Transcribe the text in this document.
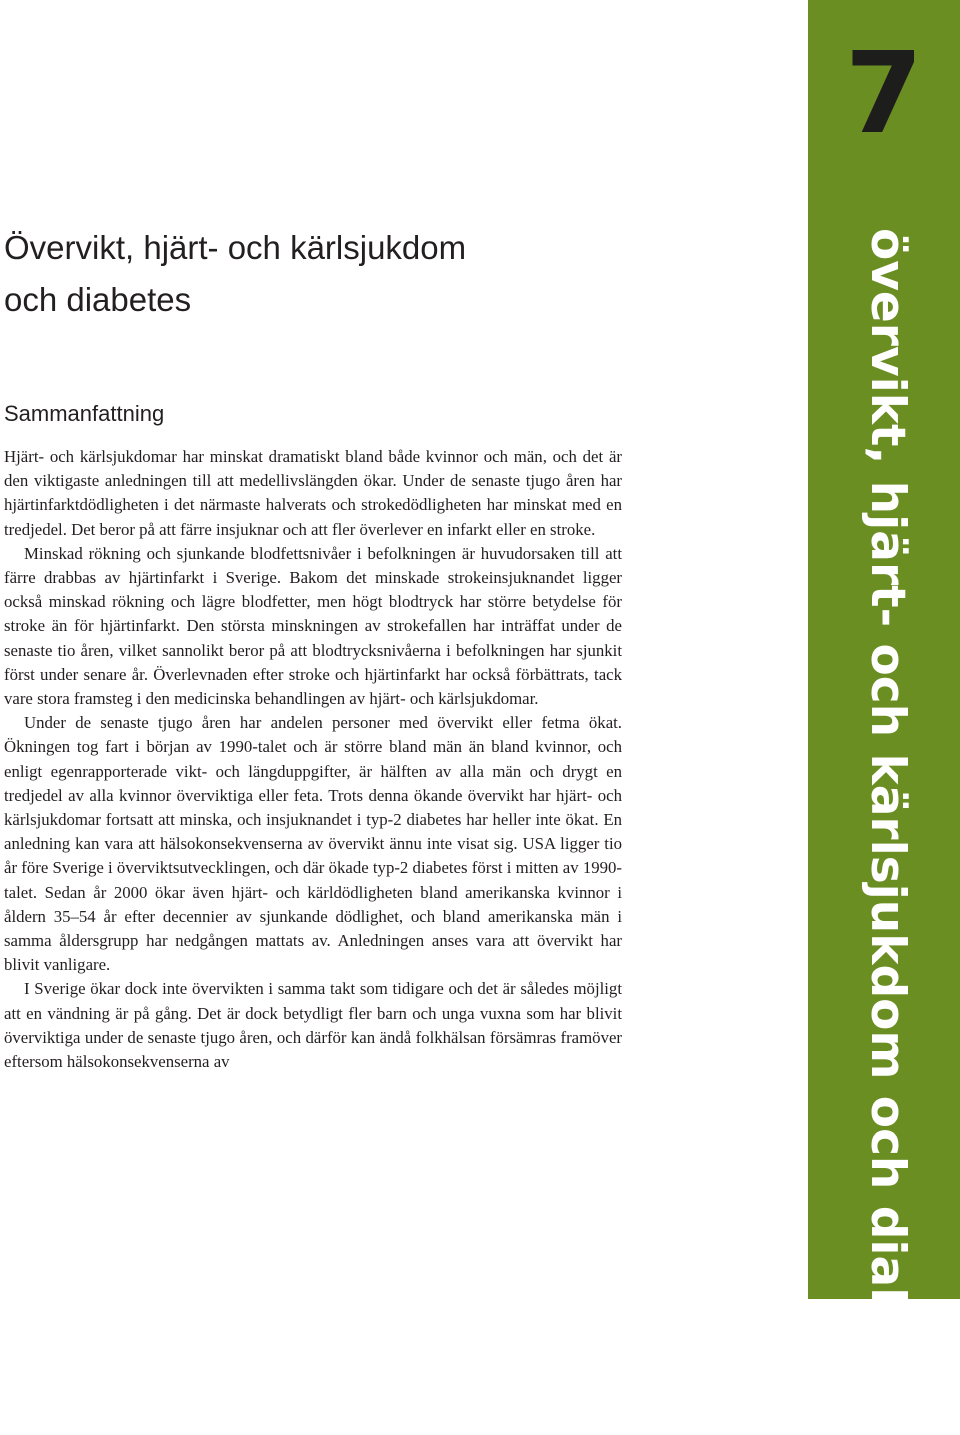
7
övervikt, hjärt- och kärlsjukdom och diabetes
Övervikt, hjärt- och kärlsjukdom
och diabetes
Sammanfattning

Hjärt- och kärlsjukdomar har minskat dramatiskt bland både kvinnor och män, och det är den viktigaste anledningen till att medellivslängden ökar. Under de senaste tjugo åren har hjärtinfarktdödligheten i det närmaste halverats och strokedödligheten har minskat med en tredjedel. Det beror på att färre insjuknar och att fler överlever en infarkt eller en stroke.

Minskad rökning och sjunkande blodfettsnivåer i befolkningen är huvudorsaken till att färre drabbas av hjärtinfarkt i Sverige. Bakom det minskade strokeinsjuknandet ligger också minskad rökning och lägre blodfetter, men högt blodtryck har större betydelse för stroke än för hjärtinfarkt. Den största minskningen av strokefallen har inträffat under de senaste tio åren, vilket sannolikt beror på att blodtrycksnivåerna i befolkningen har sjunkit först under senare år. Överlevnaden efter stroke och hjärtinfarkt har också förbättrats, tack vare stora framsteg i den medicinska behandlingen av hjärt- och kärlsjukdomar.

Under de senaste tjugo åren har andelen personer med övervikt eller fetma ökat. Ökningen tog fart i början av 1990-talet och är större bland män än bland kvinnor, och enligt egenrapporterade vikt- och längduppgifter, är hälften av alla män och drygt en tredjedel av alla kvinnor överviktiga eller feta. Trots denna ökande övervikt har hjärt- och kärlsjukdomar fortsatt att minska, och insjuknandet i typ-2 diabetes har heller inte ökat. En anledning kan vara att hälsokonsekvenserna av övervikt ännu inte visat sig. USA ligger tio år före Sverige i överviktsutvecklingen, och där ökade typ-2 diabetes först i mitten av 1990-talet. Sedan år 2000 ökar även hjärt- och kärldödligheten bland amerikanska kvinnor i åldern 35–54 år efter decennier av sjunkande dödlighet, och bland amerikanska män i samma åldersgrupp har nedgången mattats av. Anledningen anses vara att övervikt har blivit vanligare.

I Sverige ökar dock inte övervikten i samma takt som tidigare och det är således möjligt att en vändning är på gång. Det är dock betydligt fler barn och unga vuxna som har blivit överviktiga under de senaste tjugo åren, och därför kan ändå folkhälsan försämras framöver eftersom hälsokonsekvenserna av
